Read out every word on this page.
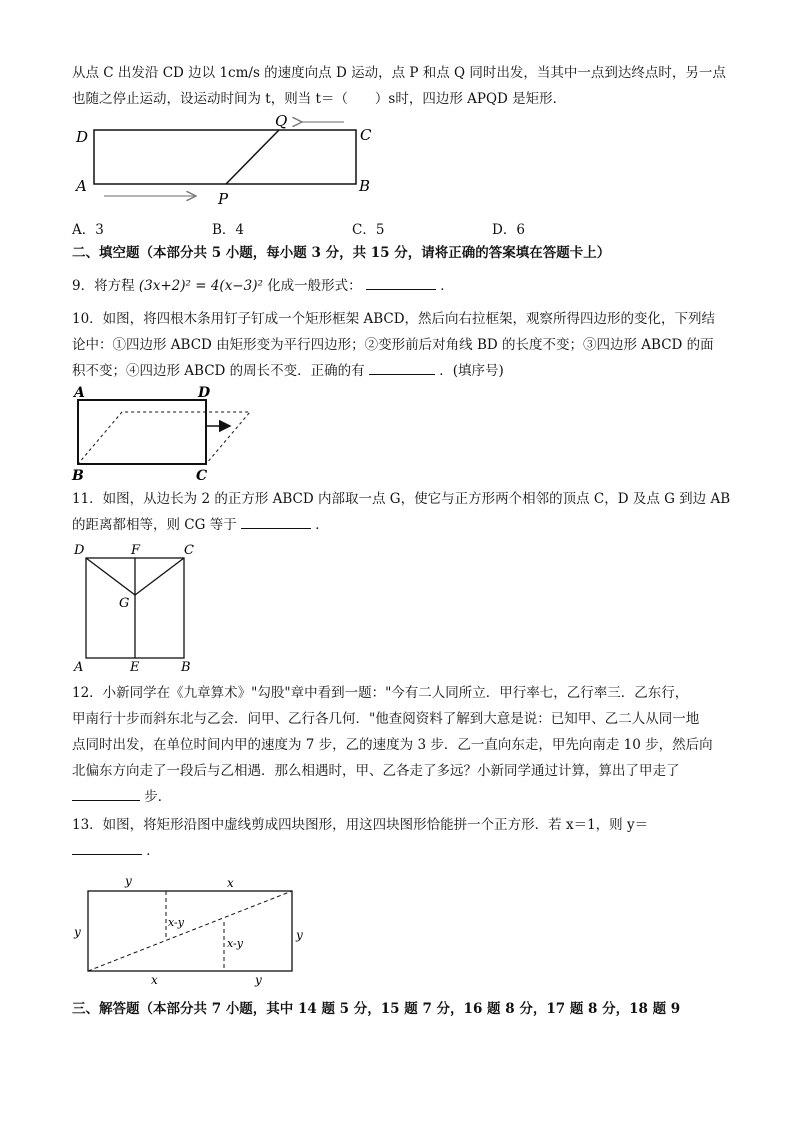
从点 C 出发沿 CD 边以 1cm/s 的速度向点 D 运动，点 P 和点 Q 同时出发，当其中一点到达终点时，另一点
也随之停止运动，设运动时间为 t，则当 t＝（　　）s时，四边形 APQD 是矩形．
D
A
C
B
Q
P
A．3	B．4	C．5	D．6
二、填空题（本部分共 5 小题，每小题 3 分，共 15 分，请将正确的答案填在答题卡上）
9．将方程 (3x+2)² = 4(x−3)² 化成一般形式：	．
10．如图，将四根木条用钉子钉成一个矩形框架 ABCD，然后向右拉框架，观察所得四边形的变化，下列结
论中：①四边形 ABCD 由矩形变为平行四边形；②变形前后对角线 BD 的长度不变；③四边形 ABCD 的面
积不变；④四边形 ABCD 的周长不变．正确的有	．(填序号)
A	D
B	C
11．如图，从边长为 2 的正方形 ABCD 内部取一点 G，使它与正方形两个相邻的顶点 C，D 及点 G 到边 AB
的距离都相等，则 CG 等于	．
D	F	C
G
A	E	B
12．小新同学在《九章算术》"勾股"章中看到一题："今有二人同所立．甲行率七，乙行率三．乙东行，
甲南行十步而斜东北与乙会．问甲、乙行各几何．"他查阅资料了解到大意是说：已知甲、乙二人从同一地
点同时出发，在单位时间内甲的速度为 7 步，乙的速度为 3 步．乙一直向东走，甲先向南走 10 步，然后向
北偏东方向走了一段后与乙相遇．那么相遇时，甲、乙各走了多远？小新同学通过计算，算出了甲走了
步．
13．如图，将矩形沿图中虚线剪成四块图形，用这四块图形恰能拼一个正方形．若 x＝1，则 y＝
．
y	x
y	y
x-y
x-y
x	y
三、解答题（本部分共 7 小题，其中 14 题 5 分，15 题 7 分，16 题 8 分，17 题 8 分，18 题 9
